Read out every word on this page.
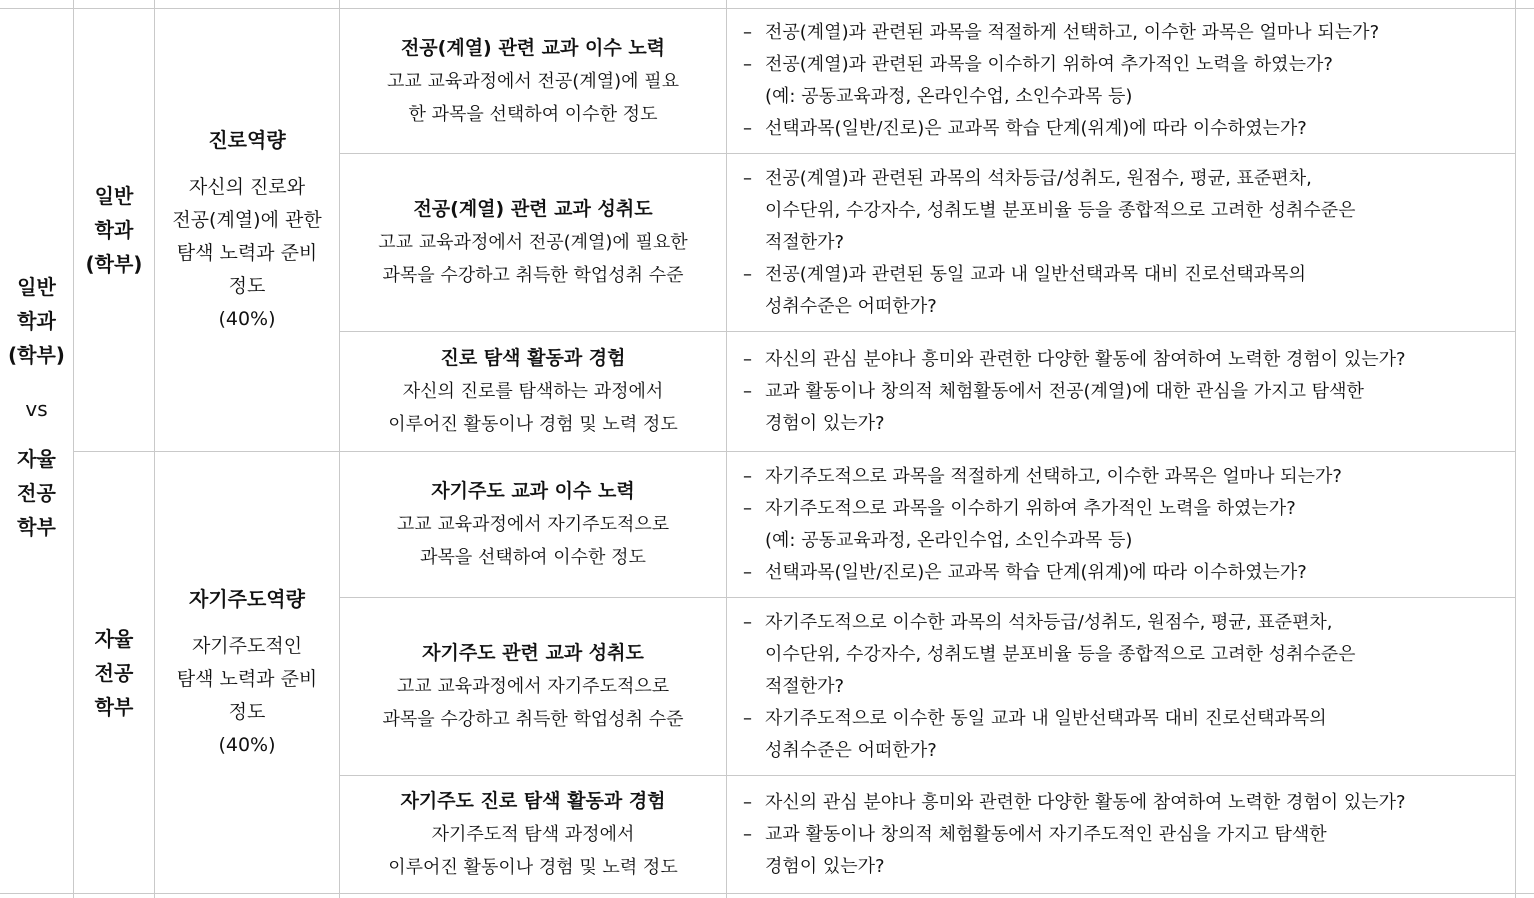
일반
학과
(학부)
vs
자율
전공
학부
일반
학과
(학부)
자율
전공
학부
진로역량
자신의 진로와
전공(계열)에 관한
탐색 노력과 준비
정도
(40%)
자기주도역량
자기주도적인
탐색 노력과 준비
정도
(40%)
전공(계열) 관련 교과 이수 노력
고교 교육과정에서 전공(계열)에 필요
한 과목을 선택하여 이수한 정도
전공(계열) 관련 교과 성취도
고교 교육과정에서 전공(계열)에 필요한
과목을 수강하고 취득한 학업성취 수준
진로 탐색 활동과 경험
자신의 진로를 탐색하는 과정에서
이루어진 활동이나 경험 및 노력 정도
자기주도 교과 이수 노력
고교 교육과정에서 자기주도적으로
과목을 선택하여 이수한 정도
자기주도 관련 교과 성취도
고교 교육과정에서 자기주도적으로
과목을 수강하고 취득한 학업성취 수준
자기주도 진로 탐색 활동과 경험
자기주도적 탐색 과정에서
이루어진 활동이나 경험 및 노력 정도
– 전공(계열)과 관련된 과목을 적절하게 선택하고, 이수한 과목은 얼마나 되는가?
– 전공(계열)과 관련된 과목을 이수하기 위하여 추가적인 노력을 하였는가?
(예: 공동교육과정, 온라인수업, 소인수과목 등)
– 선택과목(일반/진로)은 교과목 학습 단계(위계)에 따라 이수하였는가?
– 전공(계열)과 관련된 과목의 석차등급/성취도, 원점수, 평균, 표준편차,
이수단위, 수강자수, 성취도별 분포비율 등을 종합적으로 고려한 성취수준은
적절한가?
– 전공(계열)과 관련된 동일 교과 내 일반선택과목 대비 진로선택과목의
성취수준은 어떠한가?
– 자신의 관심 분야나 흥미와 관련한 다양한 활동에 참여하여 노력한 경험이 있는가?
– 교과 활동이나 창의적 체험활동에서 전공(계열)에 대한 관심을 가지고 탐색한
경험이 있는가?
– 자기주도적으로 과목을 적절하게 선택하고, 이수한 과목은 얼마나 되는가?
– 자기주도적으로 과목을 이수하기 위하여 추가적인 노력을 하였는가?
(예: 공동교육과정, 온라인수업, 소인수과목 등)
– 선택과목(일반/진로)은 교과목 학습 단계(위계)에 따라 이수하였는가?
– 자기주도적으로 이수한 과목의 석차등급/성취도, 원점수, 평균, 표준편차,
이수단위, 수강자수, 성취도별 분포비율 등을 종합적으로 고려한 성취수준은
적절한가?
– 자기주도적으로 이수한 동일 교과 내 일반선택과목 대비 진로선택과목의
성취수준은 어떠한가?
– 자신의 관심 분야나 흥미와 관련한 다양한 활동에 참여하여 노력한 경험이 있는가?
– 교과 활동이나 창의적 체험활동에서 자기주도적인 관심을 가지고 탐색한
경험이 있는가?
